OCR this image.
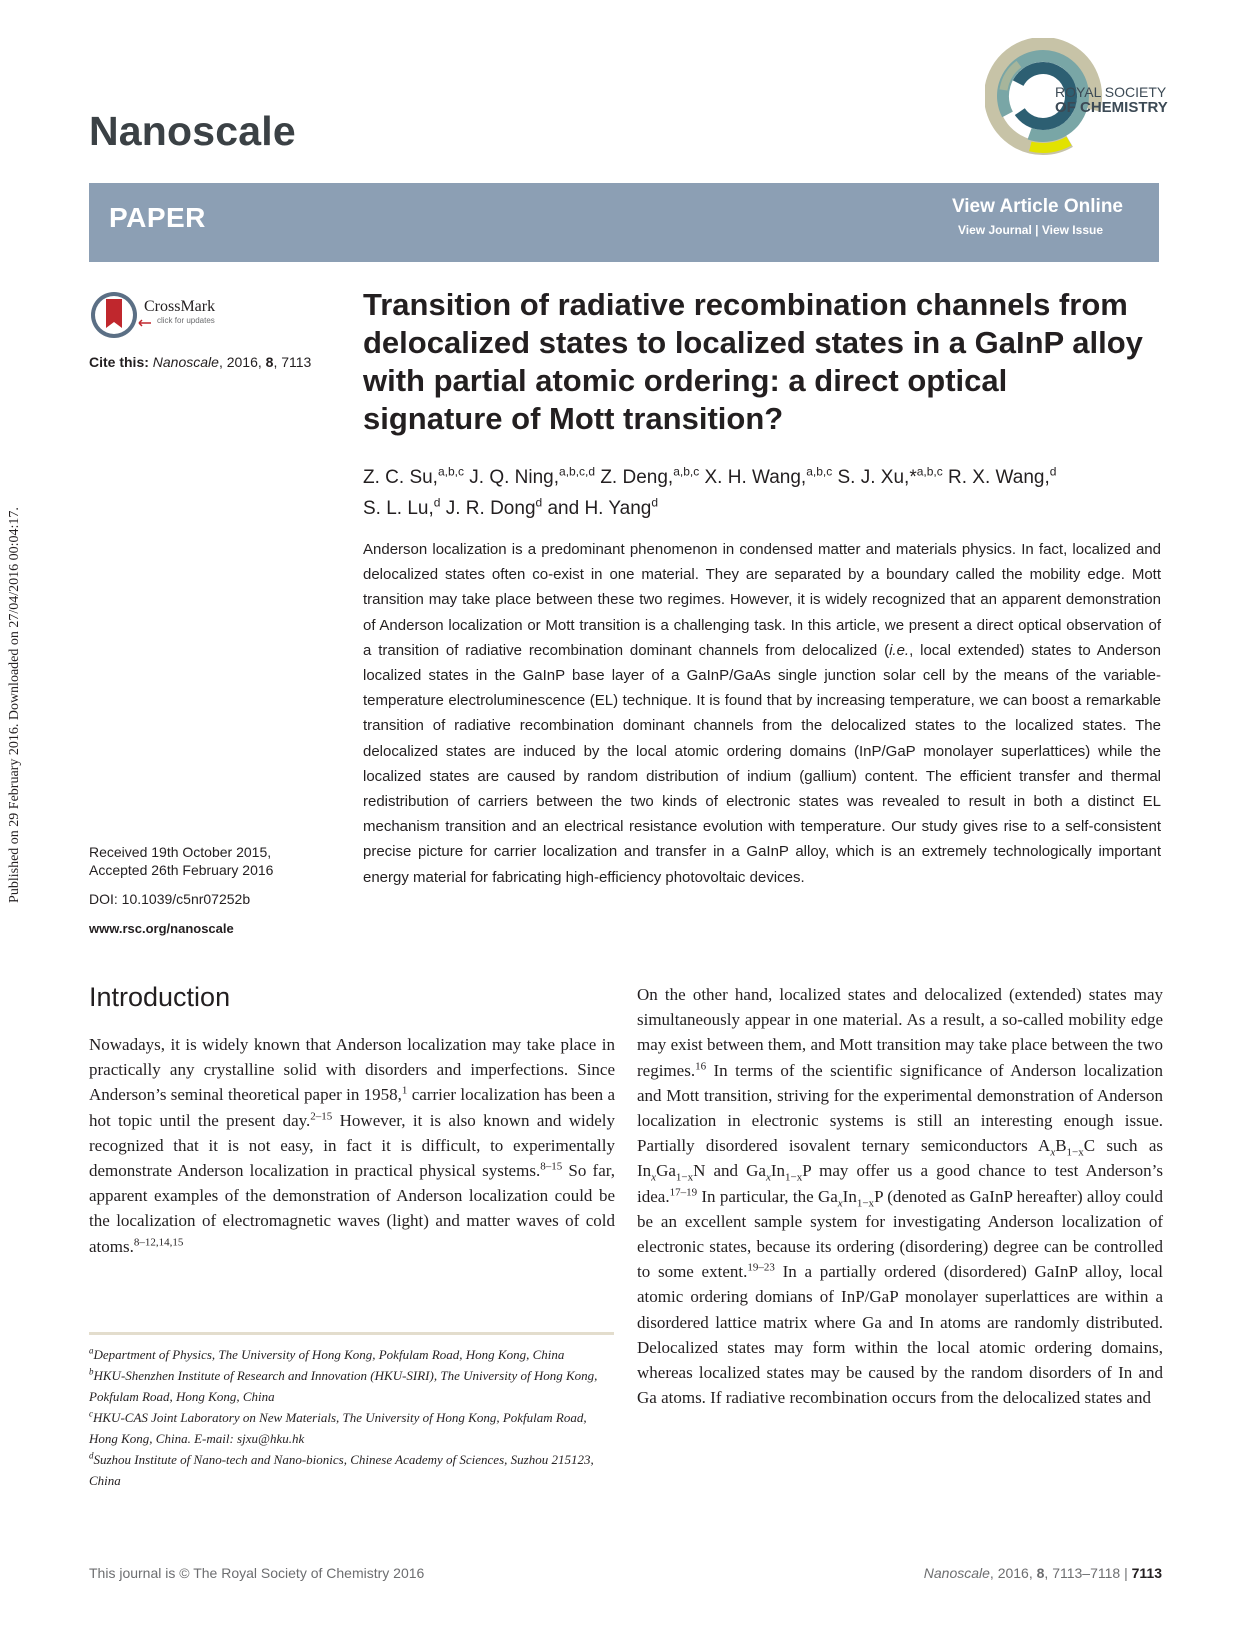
Published on 29 February 2016. Downloaded on 27/04/2016 00:04:17.
Nanoscale
ROYAL SOCIETY
OF CHEMISTRY
PAPER	View Article Online
View Journal | View Issue
CrossMark
click for updates
Cite this: Nanoscale, 2016, 8, 7113
Received 19th October 2015,
Accepted 26th February 2016
DOI: 10.1039/c5nr07252b
www.rsc.org/nanoscale
Transition of radiative recombination channels from delocalized states to localized states in a GaInP alloy with partial atomic ordering: a direct optical signature of Mott transition?
Z. C. Su,$^{a,b,c}$ J. Q. Ning,$^{a,b,c,d}$ Z. Deng,$^{a,b,c}$ X. H. Wang,$^{a,b,c}$ S. J. Xu,*$^{a,b,c}$ R. X. Wang,$^d$
S. L. Lu,$^d$ J. R. Dong$^d$ and H. Yang$^d$
Anderson localization is a predominant phenomenon in condensed matter and materials physics. In fact, localized and delocalized states often co-exist in one material. They are separated by a boundary called the mobility edge. Mott transition may take place between these two regimes. However, it is widely recognized that an apparent demonstration of Anderson localization or Mott transition is a challenging task. In this article, we present a direct optical observation of a transition of radiative recombination dominant channels from delocalized (i.e., local extended) states to Anderson localized states in the GaInP base layer of a GaInP/GaAs single junction solar cell by the means of the variable-temperature electroluminescence (EL) technique. It is found that by increasing temperature, we can boost a remarkable transition of radiative recombination dominant channels from the delocalized states to the localized states. The delocalized states are induced by the local atomic ordering domains (InP/GaP monolayer superlattices) while the localized states are caused by random distribution of indium (gallium) content. The efficient transfer and thermal redistribution of carriers between the two kinds of electronic states was revealed to result in both a distinct EL mechanism transition and an electrical resistance evolution with temperature. Our study gives rise to a self-consistent precise picture for carrier localization and transfer in a GaInP alloy, which is an extremely technologically important energy material for fabricating high-efficiency photovoltaic devices.
Introduction
Nowadays, it is widely known that Anderson localization may take place in practically any crystalline solid with disorders and imperfections. Since Anderson’s seminal theoretical paper in 1958,$^1$ carrier localization has been a hot topic until the present day.$^{2-15}$ However, it is also known and widely recognized that it is not easy, in fact it is difficult, to experimentally demonstrate Anderson localization in practical physical systems.$^{8-15}$ So far, apparent examples of the demonstration of Anderson localization could be the localization of electromagnetic waves (light) and matter waves of cold atoms.$^{8-12,14,15}$
On the other hand, localized states and delocalized (extended) states may simultaneously appear in one material. As a result, a so-called mobility edge may exist between them, and Mott transition may take place between the two regimes.$^{16}$ In terms of the scientific significance of Anderson localization and Mott transition, striving for the experimental demonstration of Anderson localization in electronic systems is still an interesting enough issue. Partially disordered isovalent ternary semiconductors $A_xB_{1-x}C$ such as $In_xGa_{1-x}N$ and $Ga_xIn_{1-x}P$ may offer us a good chance to test Anderson’s idea.$^{17-19}$ In particular, the $Ga_xIn_{1-x}P$ (denoted as GaInP hereafter) alloy could be an excellent sample system for investigating Anderson localization of electronic states, because its ordering (disordering) degree can be controlled to some extent.$^{19-23}$ In a partially ordered (disordered) GaInP alloy, local atomic ordering domians of InP/GaP monolayer superlattices are within a disordered lattice matrix where Ga and In atoms are randomly distributed. Delocalized states may form within the local atomic ordering domains, whereas localized states may be caused by the random disorders of In and Ga atoms. If radiative recombination occurs from the delocalized states and

$^a$Department of Physics, The University of Hong Kong, Pokfulam Road, Hong Kong, China

$^b$HKU-Shenzhen Institute of Research and Innovation (HKU-SIRI), The University of Hong Kong, Pokfulam Road, Hong Kong, China

$^c$HKU-CAS Joint Laboratory on New Materials, The University of Hong Kong, Pokfulam Road, Hong Kong, China. E-mail: sjxu@hku.hk

$^d$Suzhou Institute of Nano-tech and Nano-bionics, Chinese Academy of Sciences, Suzhou 215123, China

This journal is © The Royal Society of Chemistry 2016	Nanoscale, 2016, 8, 7113–7118 | 7113
